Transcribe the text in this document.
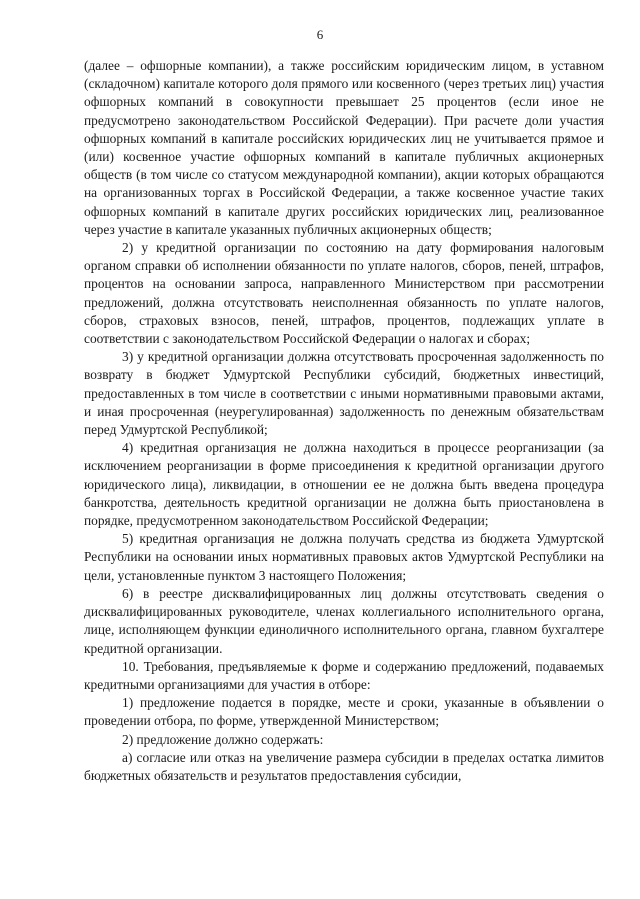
6

(далее – офшорные компании), а также российским юридическим лицом, в уставном (складочном) капитале которого доля прямого или косвенного (через третьих лиц) участия офшорных компаний в совокупности превышает 25 процентов (если иное не предусмотрено законодательством Российской Федерации). При расчете доли участия офшорных компаний в капитале российских юридических лиц не учитывается прямое и (или) косвенное участие офшорных компаний в капитале публичных акционерных обществ (в том числе со статусом международной компании), акции которых обращаются на организованных торгах в Российской Федерации, а также косвенное участие таких офшорных компаний в капитале других российских юридических лиц, реализованное через участие в капитале указанных публичных акционерных обществ;

2) у кредитной организации по состоянию на дату формирования налоговым органом справки об исполнении обязанности по уплате налогов, сборов, пеней, штрафов, процентов на основании запроса, направленного Министерством при рассмотрении предложений, должна отсутствовать неисполненная обязанность по уплате налогов, сборов, страховых взносов, пеней, штрафов, процентов, подлежащих уплате в соответствии с законодательством Российской Федерации о налогах и сборах;

3) у кредитной организации должна отсутствовать просроченная задолженность по возврату в бюджет Удмуртской Республики субсидий, бюджетных инвестиций, предоставленных в том числе в соответствии с иными нормативными правовыми актами, и иная просроченная (неурегулированная) задолженность по денежным обязательствам перед Удмуртской Республикой;

4) кредитная организация не должна находиться в процессе реорганизации (за исключением реорганизации в форме присоединения к кредитной организации другого юридического лица), ликвидации, в отношении ее не должна быть введена процедура банкротства, деятельность кредитной организации не должна быть приостановлена в порядке, предусмотренном законодательством Российской Федерации;

5) кредитная организация не должна получать средства из бюджета Удмуртской Республики на основании иных нормативных правовых актов Удмуртской Республики на цели, установленные пунктом 3 настоящего Положения;

6) в реестре дисквалифицированных лиц должны отсутствовать сведения о дисквалифицированных руководителе, членах коллегиального исполнительного органа, лице, исполняющем функции единоличного исполнительного органа, главном бухгалтере кредитной организации.

10. Требования, предъявляемые к форме и содержанию предложений, подаваемых кредитными организациями для участия в отборе:

1) предложение подается в порядке, месте и сроки, указанные в объявлении о проведении отбора, по форме, утвержденной Министерством;

2) предложение должно содержать:

а) согласие или отказ на увеличение размера субсидии в пределах остатка лимитов бюджетных обязательств и результатов предоставления субсидии,
